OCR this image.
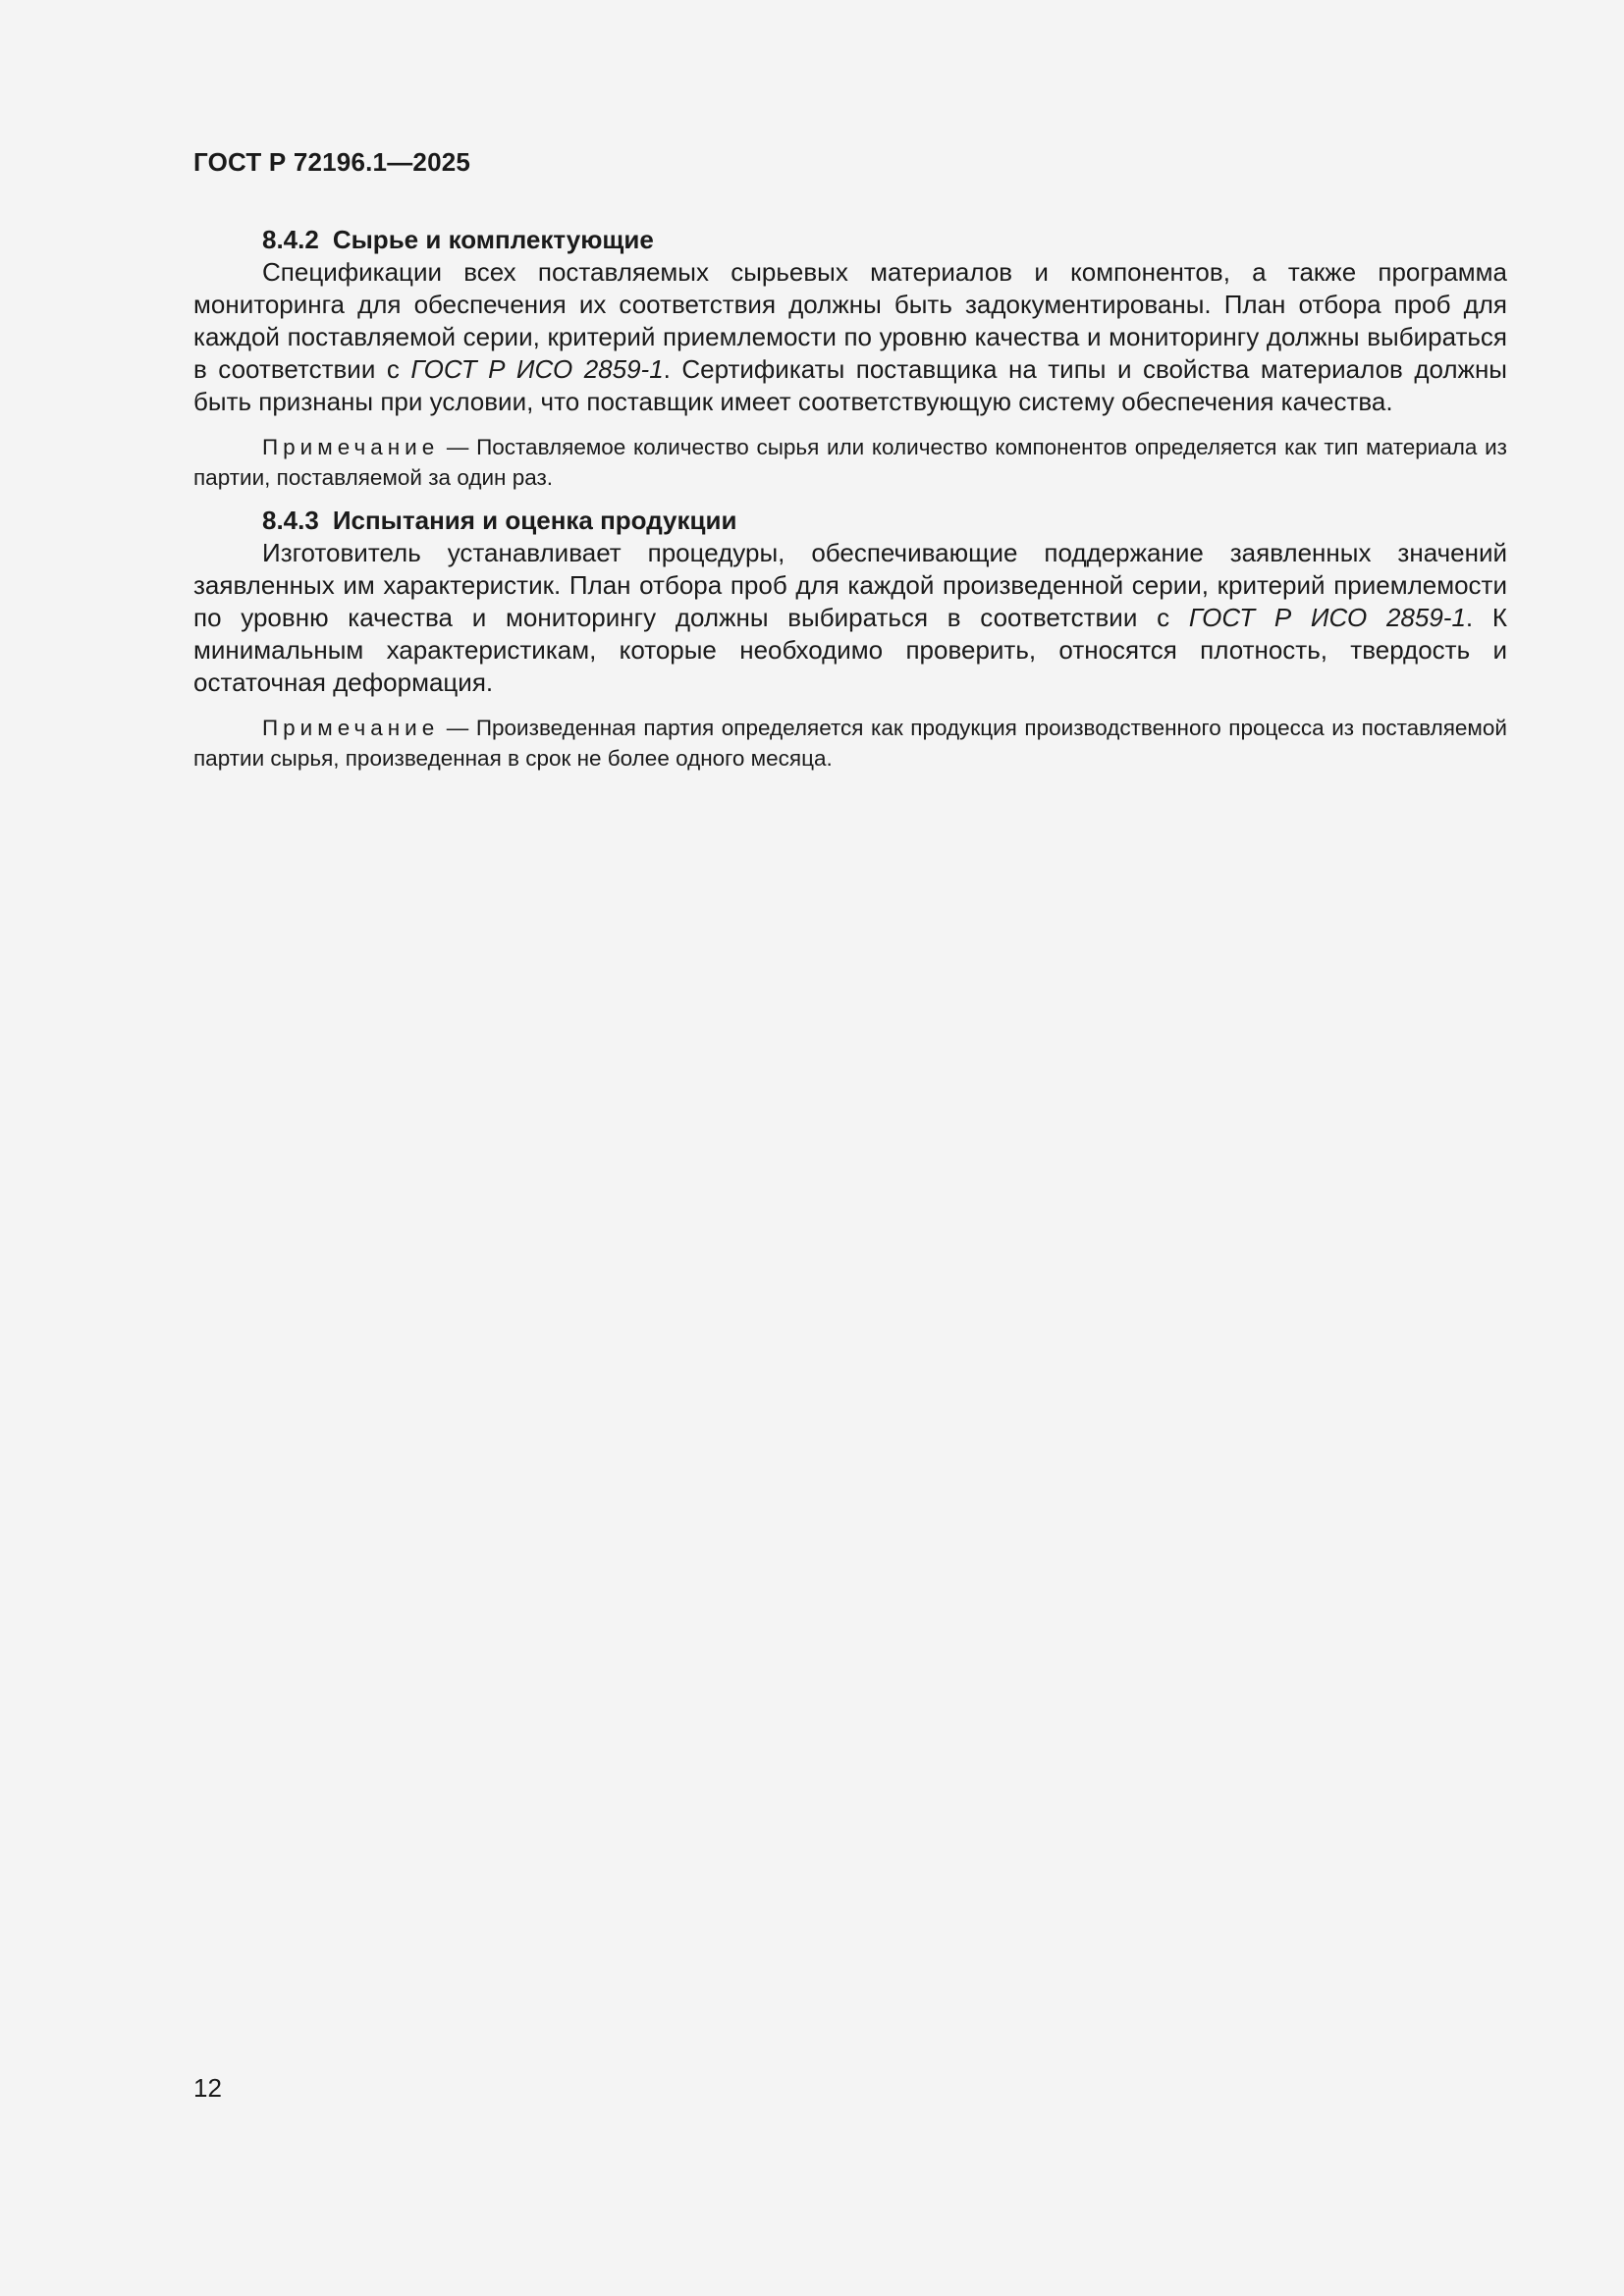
ГОСТ Р 72196.1—2025

8.4.2 Сырье и комплектующие

Спецификации всех поставляемых сырьевых материалов и компонентов, а также программа мониторинга для обеспечения их соответствия должны быть задокументированы. План отбора проб для каждой поставляемой серии, критерий приемлемости по уровню качества и мониторингу должны выбираться в соответствии с ГОСТ Р ИСО 2859-1. Сертификаты поставщика на типы и свойства материалов должны быть признаны при условии, что поставщик имеет соответствующую систему обеспечения качества.

Примечание — Поставляемое количество сырья или количество компонентов определяется как тип материала из партии, поставляемой за один раз.

8.4.3 Испытания и оценка продукции

Изготовитель устанавливает процедуры, обеспечивающие поддержание заявленных значений заявленных им характеристик. План отбора проб для каждой произведенной серии, критерий приемлемости по уровню качества и мониторингу должны выбираться в соответствии с ГОСТ Р ИСО 2859-1. К минимальным характеристикам, которые необходимо проверить, относятся плотность, твердость и остаточная деформация.

Примечание — Произведенная партия определяется как продукция производственного процесса из поставляемой партии сырья, произведенная в срок не более одного месяца.

12
